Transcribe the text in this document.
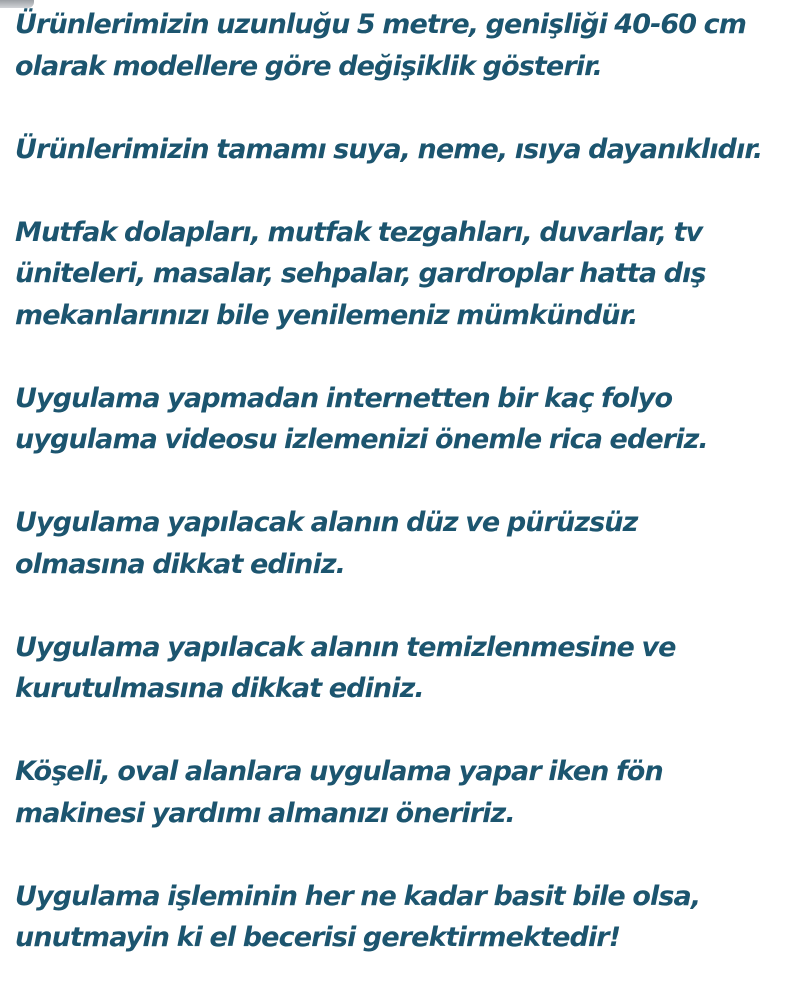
Ürünlerimizin uzunluğu 5 metre, genişliği 40-60 cm
olarak modellere göre değişiklik gösterir.

Ürünlerimizin tamamı suya, neme, ısıya dayanıklıdır.

Mutfak dolapları, mutfak tezgahları, duvarlar, tv
üniteleri, masalar, sehpalar, gardroplar hatta dış
mekanlarınızı bile yenilemeniz mümkündür.

Uygulama yapmadan internetten bir kaç folyo
uygulama videosu izlemenizi önemle rica ederiz.

Uygulama yapılacak alanın düz ve pürüzsüz
olmasına dikkat ediniz.

Uygulama yapılacak alanın temizlenmesine ve
kurutulmasına dikkat ediniz.

Köşeli, oval alanlara uygulama yapar iken fön
makinesi yardımı almanızı öneririz.

Uygulama işleminin her ne kadar basit bile olsa,
unutmayin ki el becerisi gerektirmektedir!
